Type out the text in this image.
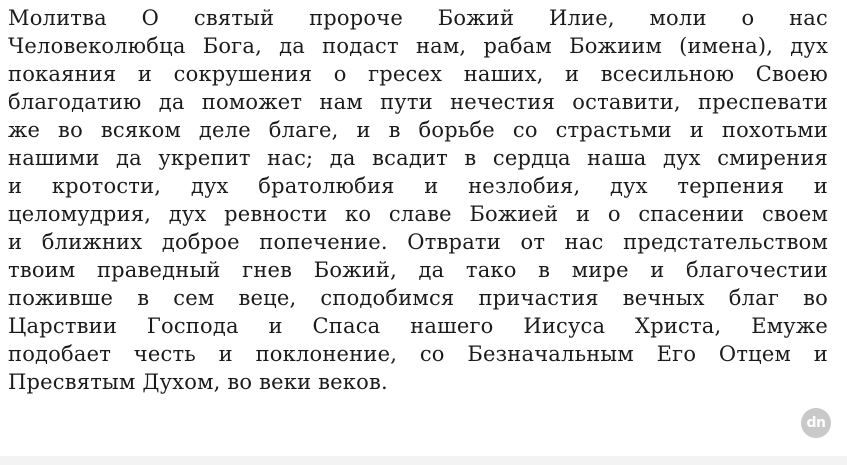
Молитва О святый пророче Божий Илие, моли о нас
Человеколюбца Бога, да подаст нам, рабам Божиим (имена), дух
покаяния и сокрушения о гресех наших, и всесильною Своею
благодатию да поможет нам пути нечестия оставити, преспевати
же во всяком деле благе, и в борьбе со страстьми и похотьми
нашими да укрепит нас; да всадит в сердца наша дух смирения
и кротости, дух братолюбия и незлобия, дух терпения и
целомудрия, дух ревности ко славе Божией и о спасении своем
и ближних доброе попечение. Отврати от нас предстательством
твоим праведный гнев Божий, да тако в мире и благочестии
поживше в сем веце, сподобимся причастия вечных благ во
Царствии Господа и Спаса нашего Иисуса Христа, Емуже
подобает честь и поклонение, со Безначальным Его Отцем и
Пресвятым Духом, во веки веков.
dn
